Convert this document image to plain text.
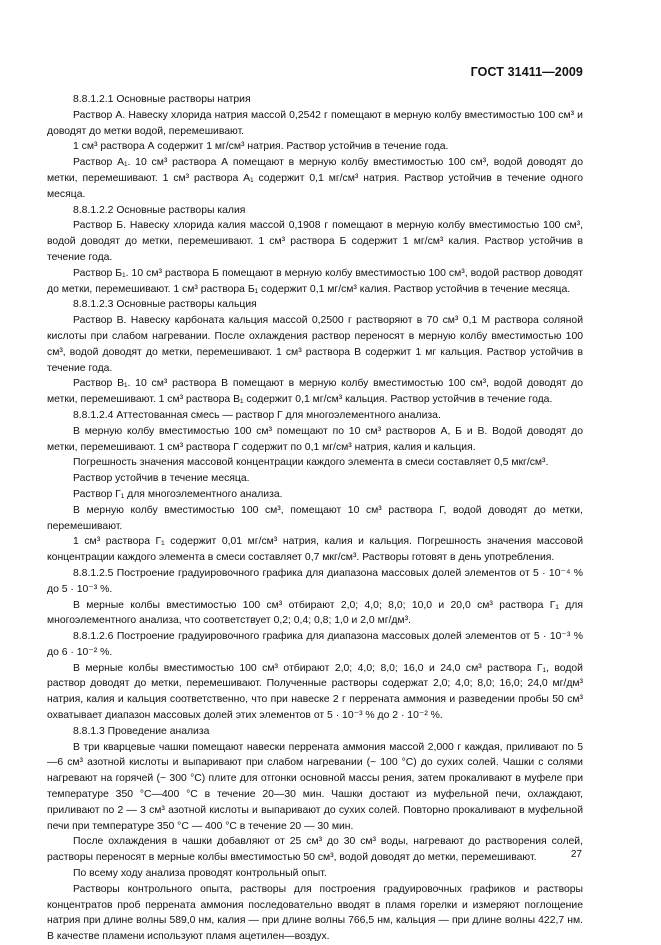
ГОСТ 31411—2009

8.8.1.2.1 Основные растворы натрия

Раствор А. Навеску хлорида натрия массой 0,2542 г помещают в мерную колбу вместимостью 100 см³ и доводят до метки водой, перемешивают.

1 см³ раствора А содержит 1 мг/см³ натрия. Раствор устойчив в течение года.

Раствор А₁. 10 см³ раствора А помещают в мерную колбу вместимостью 100 см³, водой доводят до метки, перемешивают. 1 см³ раствора А₁ содержит 0,1 мг/см³ натрия. Раствор устойчив в течение одного месяца.

8.8.1.2.2 Основные растворы калия

Раствор Б. Навеску хлорида калия массой 0,1908 г помещают в мерную колбу вместимостью 100 см³, водой доводят до метки, перемешивают. 1 см³ раствора Б содержит 1 мг/см³ калия. Раствор устойчив в течение года.

Раствор Б₁. 10 см³ раствора Б помещают в мерную колбу вместимостью 100 см³, водой раствор доводят до метки, перемешивают. 1 см³ раствора Б₁ содержит 0,1 мг/см³ калия. Раствор устойчив в течение месяца.

8.8.1.2.3 Основные растворы кальция

Раствор В. Навеску карбоната кальция массой 0,2500 г растворяют в 70 см³ 0,1 М раствора соляной кислоты при слабом нагревании. После охлаждения раствор переносят в мерную колбу вместимостью 100 см³, водой доводят до метки, перемешивают. 1 см³ раствора В содержит 1 мг кальция. Раствор устойчив в течение года.

Раствор В₁. 10 см³ раствора В помещают в мерную колбу вместимостью 100 см³, водой доводят до метки, перемешивают. 1 см³ раствора В₁ содержит 0,1 мг/см³ кальция. Раствор устойчив в течение года.

8.8.1.2.4 Аттестованная смесь — раствор Г для многоэлементного анализа.

В мерную колбу вместимостью 100 см³ помещают по 10 см³ растворов А, Б и В. Водой доводят до метки, перемешивают. 1 см³ раствора Г содержит по 0,1 мг/см³ натрия, калия и кальция.

Погрешность значения массовой концентрации каждого элемента в смеси составляет 0,5 мкг/см³.

Раствор устойчив в течение месяца.

Раствор Г₁ для многоэлементного анализа.

В мерную колбу вместимостью 100 см³, помещают 10 см³ раствора Г, водой доводят до метки, перемешивают.

1 см³ раствора Г₁ содержит 0,01 мг/см³ натрия, калия и кальция. Погрешность значения массовой концентрации каждого элемента в смеси составляет 0,7 мкг/см³. Растворы готовят в день употребления.

8.8.1.2.5 Построение градуировочного графика для диапазона массовых долей элементов от 5 · 10⁻⁴ % до 5 · 10⁻³ %.

В мерные колбы вместимостью 100 см³ отбирают 2,0; 4,0; 8,0; 10,0 и 20,0 см³ раствора Г₁ для многоэлементного анализа, что соответствует 0,2; 0,4; 0,8; 1,0 и 2,0 мг/дм³.

8.8.1.2.6 Построение градуировочного графика для диапазона массовых долей элементов от 5 · 10⁻³ % до 6 · 10⁻² %.

В мерные колбы вместимостью 100 см³ отбирают 2,0; 4,0; 8,0; 16,0 и 24,0 см³ раствора Г₁, водой раствор доводят до метки, перемешивают. Полученные растворы содержат 2,0; 4,0; 8,0; 16,0; 24,0 мг/дм³ натрия, калия и кальция соответственно, что при навеске 2 г перрената аммония и разведении пробы 50 см³ охватывает диапазон массовых долей этих элементов от 5 · 10⁻³ % до 2 · 10⁻² %.

8.8.1.3 Проведение анализа

В три кварцевые чашки помещают навески перрената аммония массой 2,000 г каждая, приливают по 5—6 см³ азотной кислоты и выпаривают при слабом нагревании (~ 100 °С) до сухих солей. Чашки с солями нагревают на горячей (~ 300 °С) плите для отгонки основной массы рения, затем прокаливают в муфеле при температуре 350 °С—400 °С в течение 20—30 мин. Чашки достают из муфельной печи, охлаждают, приливают по 2 — 3 см³ азотной кислоты и выпаривают до сухих солей. Повторно прокаливают в муфельной печи при температуре 350 °С — 400 °С в течение 20 — 30 мин.

После охлаждения в чашки добавляют от 25 см³ до 30 см³ воды, нагревают до растворения солей, растворы переносят в мерные колбы вместимостью 50 см³, водой доводят до метки, перемешивают.

По всему ходу анализа проводят контрольный опыт.

Растворы контрольного опыта, растворы для построения градуировочных графиков и растворы концентратов проб перрената аммония последовательно вводят в пламя горелки и измеряют поглощение натрия при длине волны 589,0 нм, калия — при длине волны 766,5 нм, кальция — при длине волны 422,7 нм. В качестве пламени используют пламя ацетилен—воздух.

27
